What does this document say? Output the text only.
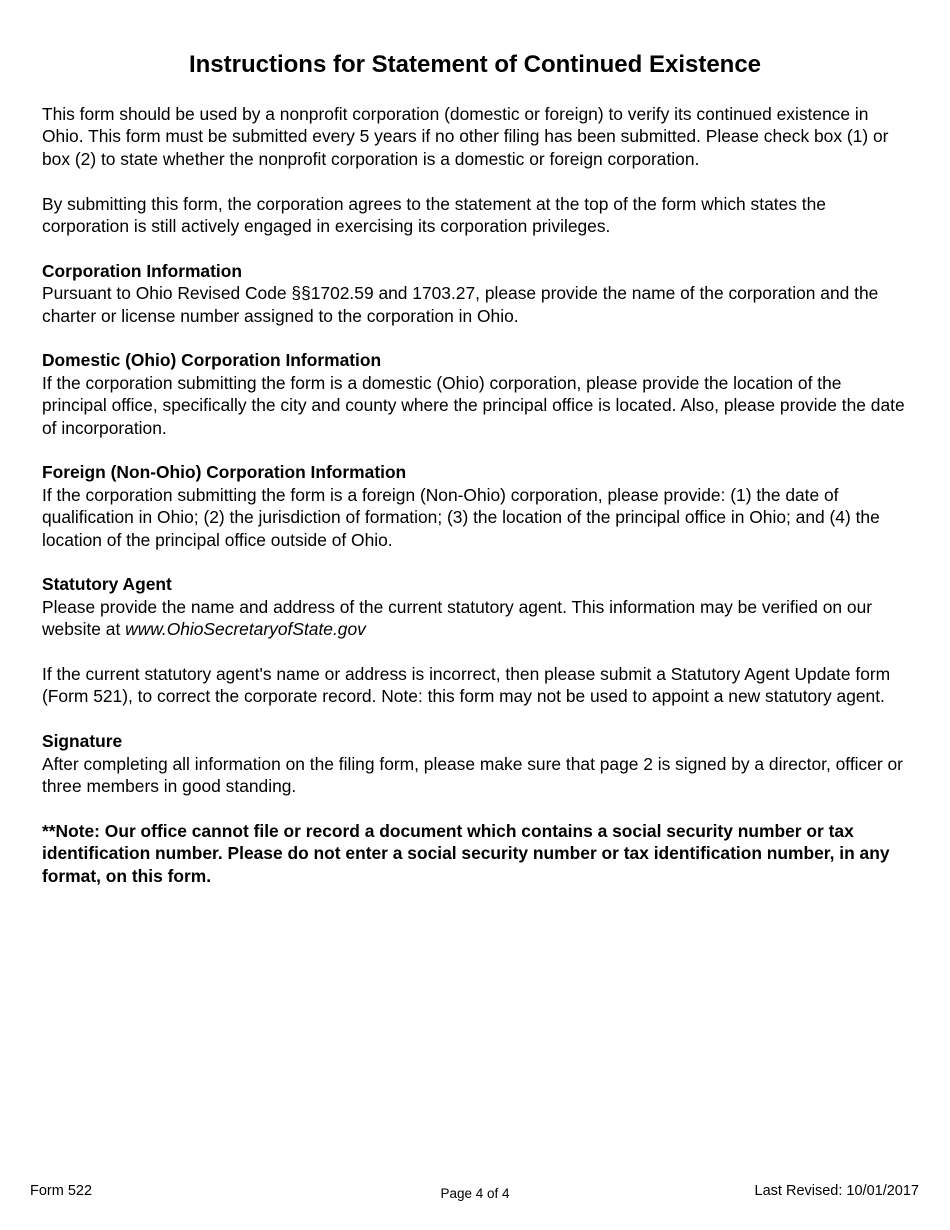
Instructions for Statement of Continued Existence

This form should be used by a nonprofit corporation (domestic or foreign) to verify its continued existence in Ohio. This form must be submitted every 5 years if no other filing has been submitted. Please check box (1) or box (2) to state whether the nonprofit corporation is a domestic or foreign corporation.

By submitting this form, the corporation agrees to the statement at the top of the form which states the corporation is still actively engaged in exercising its corporation privileges.

Corporation Information
Pursuant to Ohio Revised Code §§1702.59 and 1703.27, please provide the name of the corporation and the charter or license number assigned to the corporation in Ohio.
Domestic (Ohio) Corporation Information
If the corporation submitting the form is a domestic (Ohio) corporation, please provide the location of the principal office, specifically the city and county where the principal office is located. Also, please provide the date of incorporation.
Foreign (Non-Ohio) Corporation Information
If the corporation submitting the form is a foreign (Non-Ohio) corporation, please provide: (1) the date of qualification in Ohio; (2) the jurisdiction of formation; (3) the location of the principal office in Ohio; and (4) the location of the principal office outside of Ohio.
Statutory Agent
Please provide the name and address of the current statutory agent. This information may be verified on our website at www.OhioSecretaryofState.gov

If the current statutory agent's name or address is incorrect, then please submit a Statutory Agent Update form (Form 521), to correct the corporate record. Note: this form may not be used to appoint a new statutory agent.

Signature
After completing all information on the filing form, please make sure that page 2 is signed by a director, officer or three members in good standing.

**Note: Our office cannot file or record a document which contains a social security number or tax identification number. Please do not enter a social security number or tax identification number, in any format, on this form.

Form 522	Page 4 of 4	Last Revised: 10/01/2017
